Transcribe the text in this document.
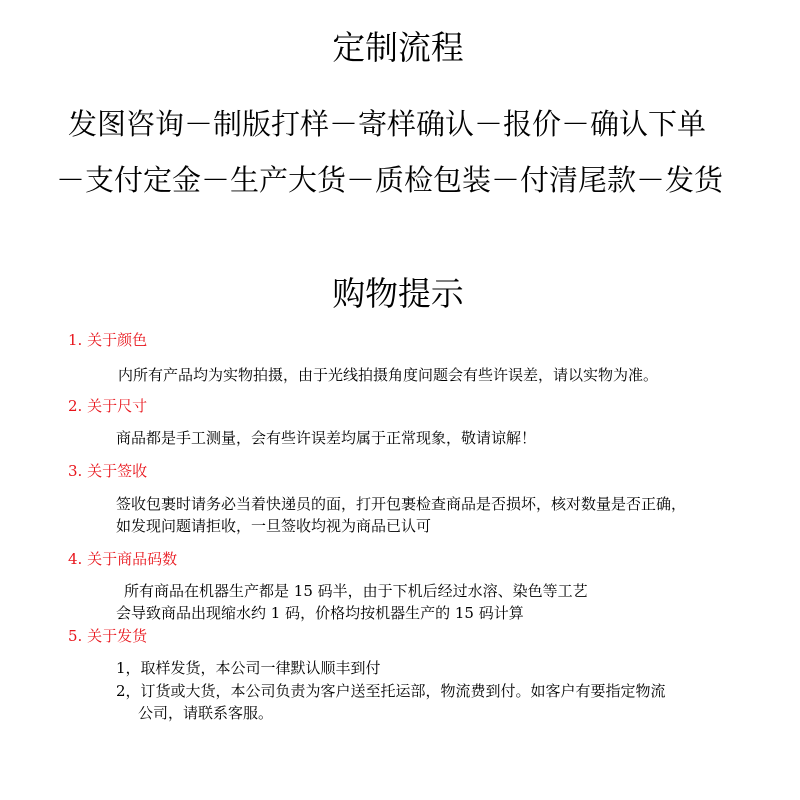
定制流程
发图咨询－制版打样－寄样确认－报价－确认下单
－支付定金－生产大货－质检包装－付清尾款－发货
购物提示
1. 关于颜色
内所有产品均为实物拍摄，由于光线拍摄角度问题会有些许误差，请以实物为准。
2. 关于尺寸
商品都是手工测量，会有些许误差均属于正常现象，敬请谅解！
3. 关于签收
签收包裹时请务必当着快递员的面，打开包裹检查商品是否损坏，核对数量是否正确，
如发现问题请拒收，一旦签收均视为商品已认可
4. 关于商品码数
所有商品在机器生产都是 15 码半，由于下机后经过水溶、染色等工艺
会导致商品出现缩水约 1 码，价格均按机器生产的 15 码计算
5. 关于发货
1，取样发货，本公司一律默认顺丰到付
2，订货或大货，本公司负责为客户送至托运部，物流费到付。如客户有要指定物流
公司，请联系客服。
